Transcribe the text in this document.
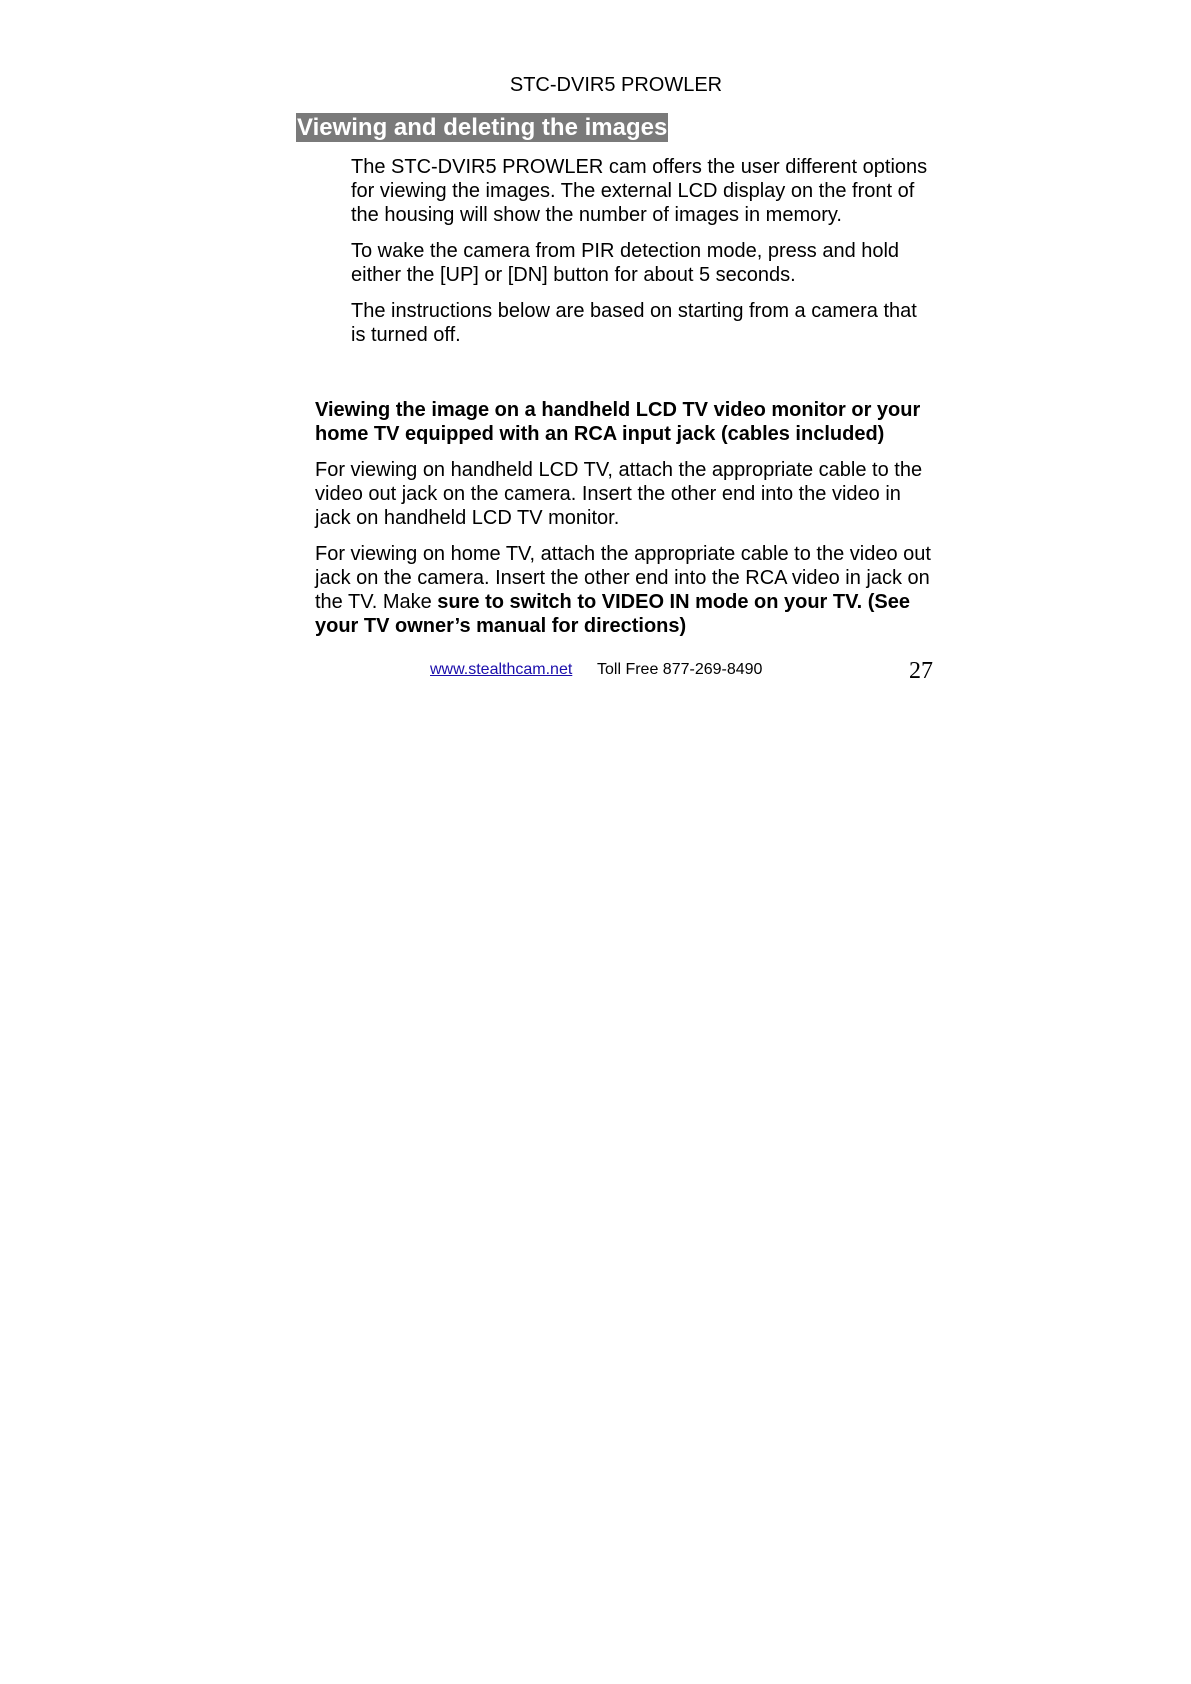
STC-DVIR5 PROWLER
Viewing and deleting the images

The STC-DVIR5 PROWLER cam offers the user different options for viewing the images. The external LCD display on the front of the housing will show the number of images in memory.

To wake the camera from PIR detection mode, press and hold either the [UP] or [DN] button for about 5 seconds.

The instructions below are based on starting from a camera that is turned off.

Viewing the image on a handheld LCD TV video monitor or your home TV equipped with an RCA input jack (cables included)

For viewing on handheld LCD TV, attach the appropriate cable to the video out jack on the camera. Insert the other end into the video in jack on handheld LCD TV monitor.

For viewing on home TV, attach the appropriate cable to the video out jack on the camera. Insert the other end into the RCA video in jack on the TV. Make sure to switch to VIDEO IN mode on your TV. (See your TV owner’s manual for directions)

www.stealthcam.net Toll Free 877-269-8490	27
